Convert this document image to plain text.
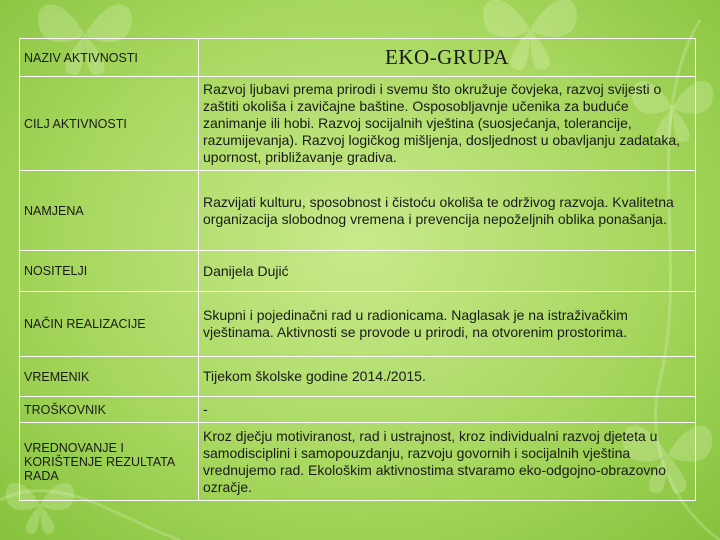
NAZIV AKTIVNOSTI	EKO-GRUPA
CILJ AKTIVNOSTI	Razvoj ljubavi prema prirodi i svemu što okružuje čovjeka, razvoj svijesti o zaštiti okoliša i zavičajne baštine. Osposobljavnje učenika za buduće zanimanje ili hobi. Razvoj socijalnih vještina (suosjećanja, tolerancije, razumijevanja). Razvoj logičkog mišljenja, dosljednost u obavljanju zadataka, upornost, približavanje gradiva.
NAMJENA	Razvijati kulturu, sposobnost i čistoću okoliša te održivog razvoja. Kvalitetna
organizacija slobodnog vremena i prevencija nepoželjnih oblika ponašanja.

NOSITELJI	Danijela Dujić
NAČIN REALIZACIJE	Skupni i pojedinačni rad u radionicama. Naglasak je na istraživačkim vještinama. Aktivnosti se provode u prirodi, na otvorenim prostorima.
VREMENIK	Tijekom školske godine 2014./2015.
TROŠKOVNIK	-
VREDNOVANJE I KORIŠTENJE REZULTATA RADA	Kroz dječju motiviranost, rad i ustrajnost, kroz individualni razvoj djeteta u samodisciplini i samopouzdanju, razvoju govornih i socijalnih vještina vrednujemo rad. Ekološkim aktivnostima stvaramo eko-odgojno-obrazovno ozračje.
